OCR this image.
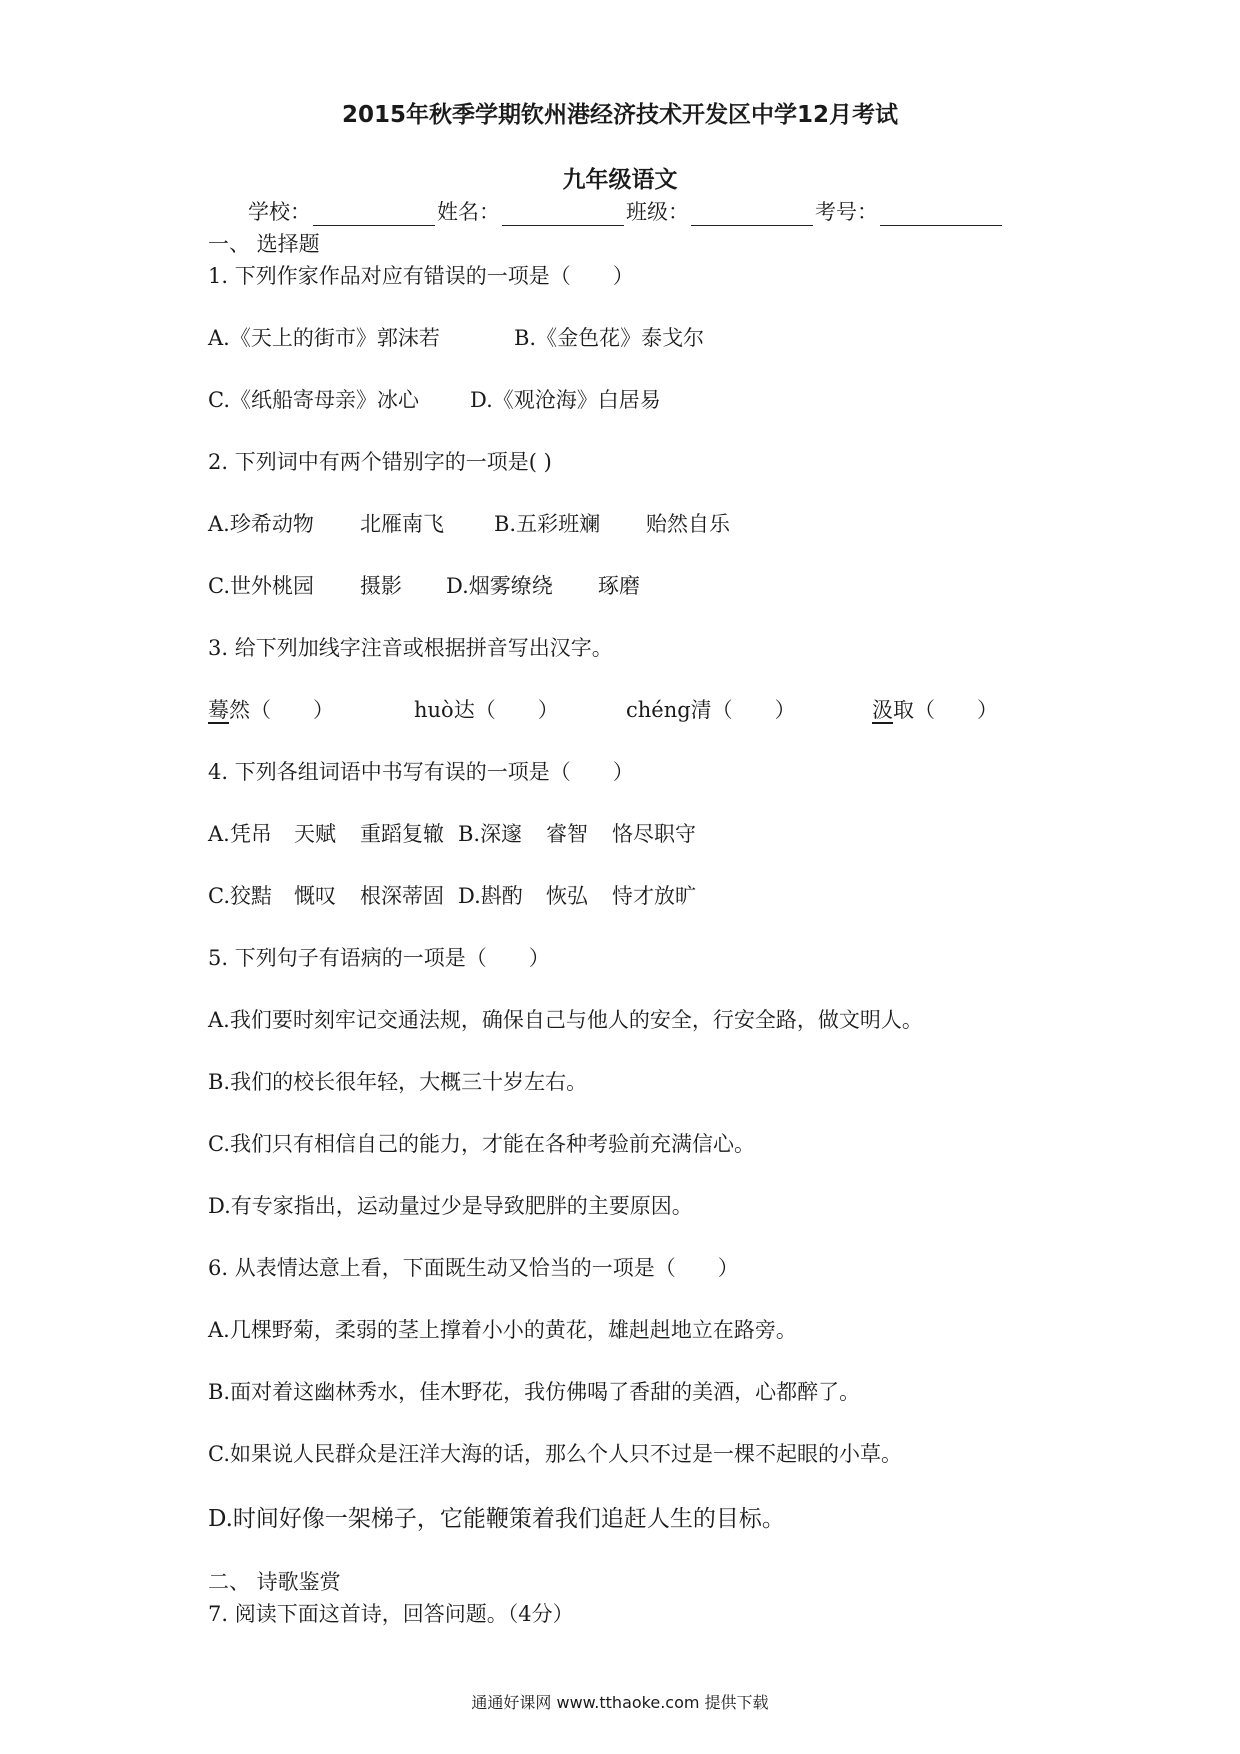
2015年秋季学期钦州港经济技术开发区中学12月考试
九年级语文
学校：	姓名：	班级：	考号：
一、 选择题
1. 下列作家作品对应有错误的一项是（　　）
A.《天上的街市》郭沫若	B.《金色花》泰戈尔
C.《纸船寄母亲》冰心 D.《观沧海》白居易
2. 下列词中有两个错别字的一项是( )
A.珍希动物 北雁南飞 B.五彩班斓 贻然自乐
C.世外桃园 摄影 D.烟雾缭绕 琢磨
3. 给下列加线字注音或根据拼音写出汉字。
蓦然（　　）	huò达（　　）	chéng清（　　）	汲取（　　）
4. 下列各组词语中书写有误的一项是（　　）
A.凭吊 天赋 重蹈复辙 B.深邃 睿智 恪尽职守
C.狡黠 慨叹 根深蒂固 D.斟酌 恢弘 恃才放旷
5. 下列句子有语病的一项是（　　）
A.我们要时刻牢记交通法规，确保自己与他人的安全，行安全路，做文明人。
B.我们的校长很年轻，大概三十岁左右。
C.我们只有相信自己的能力，才能在各种考验前充满信心。
D.有专家指出，运动量过少是导致肥胖的主要原因。
6. 从表情达意上看，下面既生动又恰当的一项是（　　）
A.几棵野菊，柔弱的茎上撑着小小的黄花，雄赳赳地立在路旁。
B.面对着这幽林秀水，佳木野花，我仿佛喝了香甜的美酒，心都醉了。
C.如果说人民群众是汪洋大海的话，那么个人只不过是一棵不起眼的小草。
D.时间好像一架梯子，它能鞭策着我们追赶人生的目标。
二、 诗歌鉴赏
7. 阅读下面这首诗，回答问题。（4分）
通通好课网 www.tthaoke.com 提供下载
